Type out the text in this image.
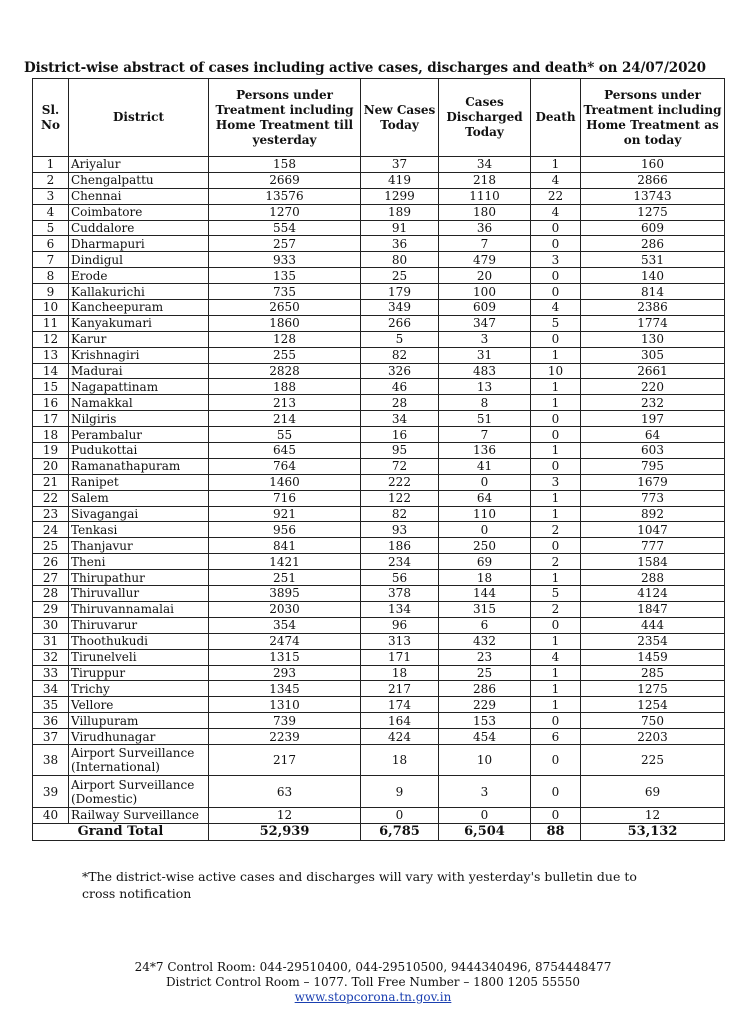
District-wise abstract of cases including active cases, discharges and death* on 24/07/2020
Sl. No	District	Persons under Treatment including Home Treatment till yesterday	New Cases Today	Cases Discharged Today	Death	Persons under Treatment including Home Treatment as on today
1	Ariyalur	158	37	34	1	160
2	Chengalpattu	2669	419	218	4	2866
3	Chennai	13576	1299	1110	22	13743
4	Coimbatore	1270	189	180	4	1275
5	Cuddalore	554	91	36	0	609
6	Dharmapuri	257	36	7	0	286
7	Dindigul	933	80	479	3	531
8	Erode	135	25	20	0	140
9	Kallakurichi	735	179	100	0	814
10	Kancheepuram	2650	349	609	4	2386
11	Kanyakumari	1860	266	347	5	1774
12	Karur	128	5	3	0	130
13	Krishnagiri	255	82	31	1	305
14	Madurai	2828	326	483	10	2661
15	Nagapattinam	188	46	13	1	220
16	Namakkal	213	28	8	1	232
17	Nilgiris	214	34	51	0	197
18	Perambalur	55	16	7	0	64
19	Pudukottai	645	95	136	1	603
20	Ramanathapuram	764	72	41	0	795
21	Ranipet	1460	222	0	3	1679
22	Salem	716	122	64	1	773
23	Sivagangai	921	82	110	1	892
24	Tenkasi	956	93	0	2	1047
25	Thanjavur	841	186	250	0	777
26	Theni	1421	234	69	2	1584
27	Thirupathur	251	56	18	1	288
28	Thiruvallur	3895	378	144	5	4124
29	Thiruvannamalai	2030	134	315	2	1847
30	Thiruvarur	354	96	6	0	444
31	Thoothukudi	2474	313	432	1	2354
32	Tirunelveli	1315	171	23	4	1459
33	Tiruppur	293	18	25	1	285
34	Trichy	1345	217	286	1	1275
35	Vellore	1310	174	229	1	1254
36	Villupuram	739	164	153	0	750
37	Virudhunagar	2239	424	454	6	2203
38	Airport Surveillance (International)	217	18	10	0	225
39	Airport Surveillance (Domestic)	63	9	3	0	69
40	Railway Surveillance	12	0	0	0	12
Grand Total		52,939	6,785	6,504	88	53,132
*The district-wise active cases and discharges will vary with yesterday's bulletin due to cross notification
24*7 Control Room: 044-29510400, 044-29510500, 9444340496, 8754448477
District Control Room – 1077. Toll Free Number – 1800 1205 55550
www.stopcorona.tn.gov.in
